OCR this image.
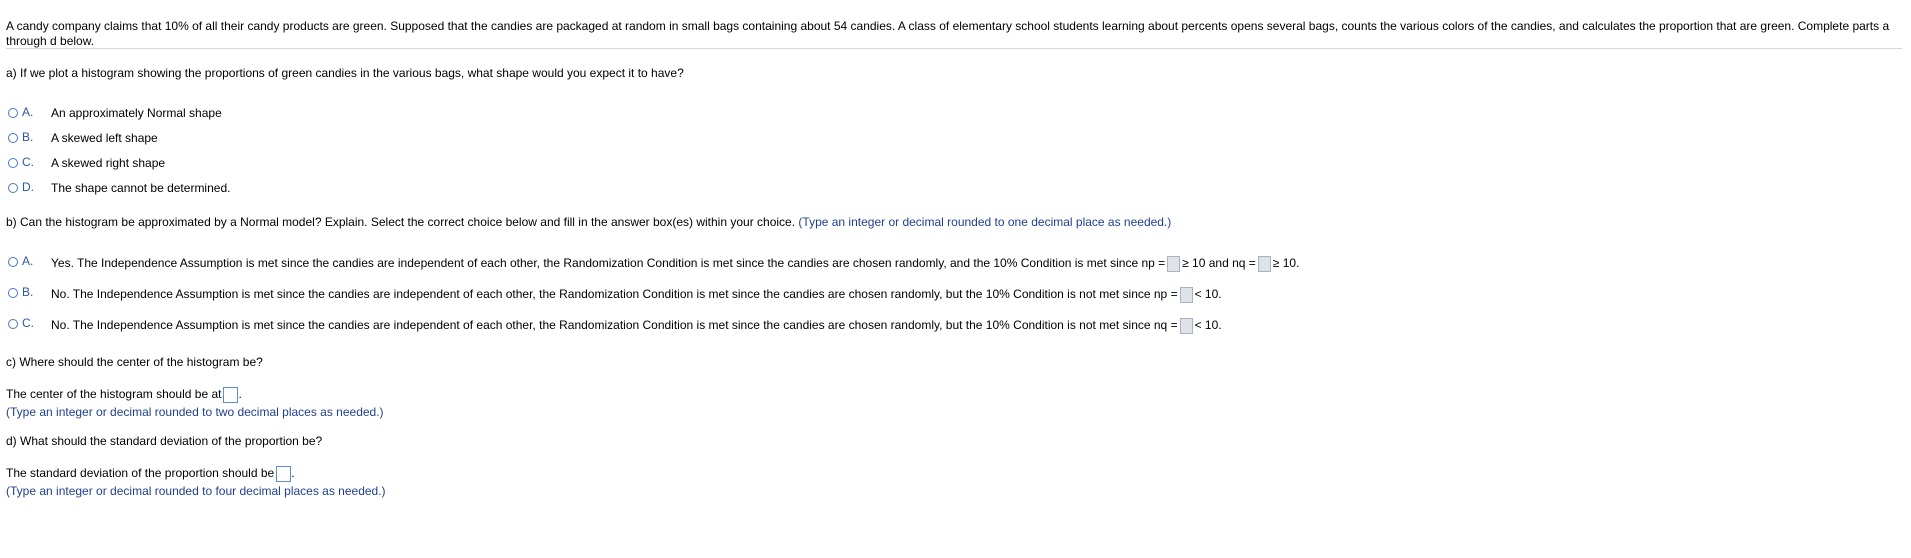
A candy company claims that 10% of all their candy products are green. Supposed that the candies are packaged at random in small bags containing about 54 candies. A class of elementary school students learning about percents opens several bags, counts the various colors of the candies, and calculates the proportion that are green. Complete parts a through d below.
a) If we plot a histogram showing the proportions of green candies in the various bags, what shape would you expect it to have?
A. An approximately Normal shape
B. A skewed left shape
C. A skewed right shape
D. The shape cannot be determined.
b) Can the histogram be approximated by a Normal model? Explain. Select the correct choice below and fill in the answer box(es) within your choice. (Type an integer or decimal rounded to one decimal place as needed.)
A. Yes. The Independence Assumption is met since the candies are independent of each other, the Randomization Condition is met since the candies are chosen randomly, and the 10% Condition is met since np = ≥ 10 and nq = ≥ 10.
B. No. The Independence Assumption is met since the candies are independent of each other, the Randomization Condition is met since the candies are chosen randomly, but the 10% Condition is not met since np = < 10.
C. No. The Independence Assumption is met since the candies are independent of each other, the Randomization Condition is met since the candies are chosen randomly, but the 10% Condition is not met since nq = < 10.
c) Where should the center of the histogram be?
The center of the histogram should be at .
(Type an integer or decimal rounded to two decimal places as needed.)
d) What should the standard deviation of the proportion be?
The standard deviation of the proportion should be .
(Type an integer or decimal rounded to four decimal places as needed.)
